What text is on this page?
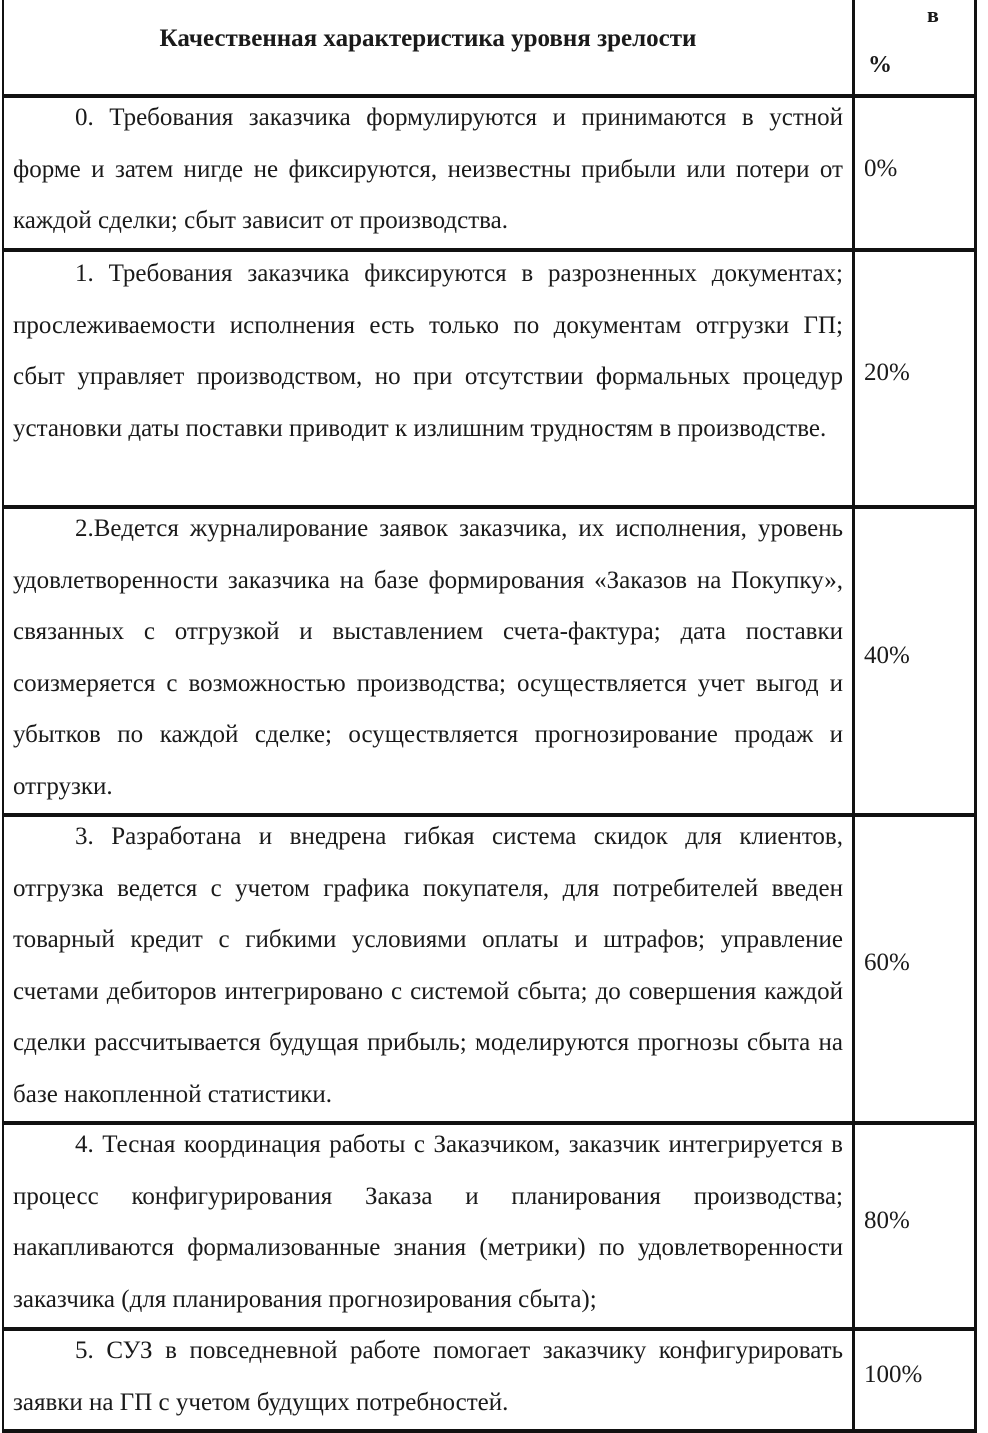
Качественная характеристика уровня зрелости

в

%

0. Требования заказчика формулируются и принимаются в устной форме и затем нигде не фиксируются, неизвестны прибыли или потери от каждой сделки; сбыт зависит от производства.

0%

1. Требования заказчика фиксируются в разрозненных документах; прослеживаемости исполнения есть только по документам отгрузки ГП; сбыт управляет производством, но при отсутствии формальных процедур установки даты поставки приводит к излишним трудностям в производстве.

20%

2.Ведется журналирование заявок заказчика, их исполнения, уровень удовлетворенности заказчика на базе формирования «Заказов на Покупку», связанных с отгрузкой и выставлением счета-фактура; дата поставки соизмеряется с возможностью производства; осуществляется учет выгод и убытков по каждой сделке; осуществляется прогнозирование продаж и отгрузки.

40%

3. Разработана и внедрена гибкая система скидок для клиентов, отгрузка ведется с учетом графика покупателя, для потребителей введен товарный кредит с гибкими условиями оплаты и штрафов; управление счетами дебиторов интегрировано с системой сбыта; до совершения каждой сделки рассчитывается будущая прибыль; моделируются прогнозы сбыта на базе накопленной статистики.

60%

4. Тесная координация работы с Заказчиком, заказчик интегрируется в процесс конфигурирования Заказа и планирования производства; накапливаются формализованные знания (метрики) по удовлетворенности заказчика (для планирования прогнозирования сбыта);

80%

5. СУЗ в повседневной работе помогает заказчику конфигурировать заявки на ГП с учетом будущих потребностей.

100%
